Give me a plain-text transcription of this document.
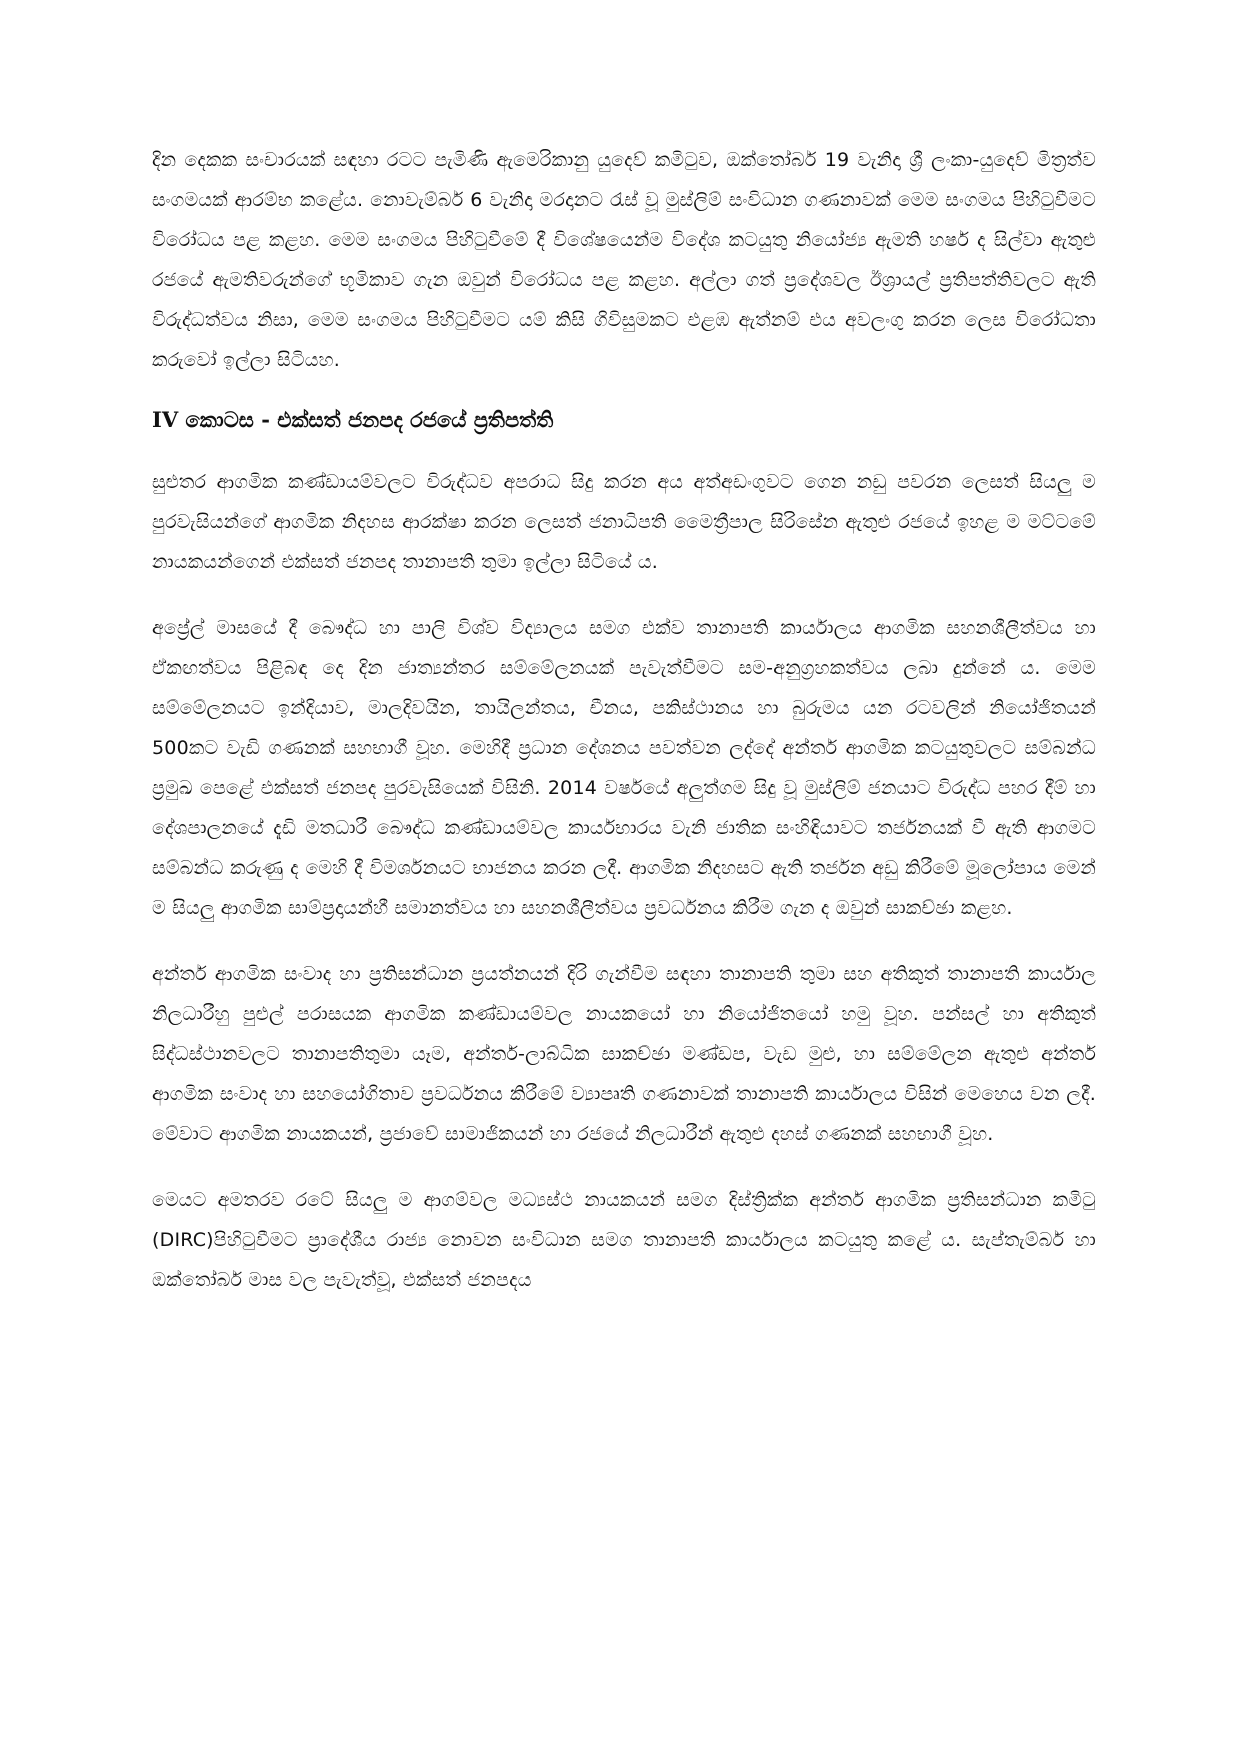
දින දෙකක සංචාරයක් සඳහා රටට පැමිණි ඇමෙරිකානු යුදෙව් කමිටුව, ඔක්තෝබර් 19 වැනිදා ශ්‍රී ලංකා-යුදෙව් මිත්‍රත්ව සංගමයක් ආරම්භ කළේය. නොවැම්බර් 6 වැනිදා මරදානට රැස් වූ මුස්ලිම් සංවිධාන ගණනාවක් මෙම සංගමය පිහිටුවීමට විරෝධය පළ කළහ. මෙම සංගමය පිහිටුවීමේ දී විශේෂයෙන්ම විදේශ කටයුතු නියෝජ්‍ය ඇමති හර්ෂ ද සිල්වා ඇතුළු රජයේ ඇමතිවරුන්ගේ භූමිකාව ගැන ඔවුන් විරෝධය පළ කළහ. අල්ලා ගත් ප්‍රදේශවල ඊශ්‍රායල් ප්‍රතිපත්තිවලට ඇති විරුද්ධත්වය නිසා, මෙම සංගමය පිහිටුවීමට යම් කිසි ගිවිසුමකට එළඹ ඇත්නම් එය අවලංගු කරන ලෙස විරෝධතා කරුවෝ ඉල්ලා සිටියහ.

IV කොටස - එක්සත් ජනපද රජයේ ප්‍රතිපත්ති

සුළුතර ආගමික කණ්ඩායම්වලට විරුද්ධව අපරාධ සිදු කරන අය අත්අඩංගුවට ගෙන නඩු පවරන ලෙසත් සියලු ම පුරවැසියන්ගේ ආගමික නිදහස ආරක්ෂා කරන ලෙසත් ජනාධිපති මෛත්‍රීපාල සිරිසේන ඇතුළු රජයේ ඉහළ ම මට්ටමේ නායකයන්ගෙන් එක්සත් ජනපද තානාපති තුමා ඉල්ලා සිටියේ ය.

අප්‍රේල් මාසයේ දී බෞද්ධ හා පාලි විශ්ව විද්‍යාලය සමග එක්ව තානාපති කාර්යාලය ආගමික සහනශීලීත්වය හා ඒකඟත්වය පිළිබඳ දෙ දින ජාත්‍යන්තර සම්මේලනයක් පැවැත්වීමට සම-අනුග්‍රහකත්වය ලබා දුන්නේ ය. මෙම සම්මේලනයට ඉන්දියාව, මාලදිවයින, තායිලන්තය, චීනය, පකිස්ථානය හා බුරුමය යන රටවලින් නියෝජිතයන් 500කට වැඩි ගණනක් සහභාගී වූහ. මෙහිදී ප්‍රධාන දේශනය පවත්වන ලද්දේ අන්තර් ආගමික කටයුතුවලට සම්බන්ධ ප්‍රමුඛ පෙළේ එක්සත් ජනපද පුරවැසියෙක් විසිනි. 2014 වර්ෂයේ අලුත්ගම සිදු වූ මුස්ලිම් ජනයාට විරුද්ධ පහර දීම් හා දේශපාලනයේ දැඩි මතධාරී බෞද්ධ කණ්ඩායම්වල කාර්යභාරය වැනි ජාතික සංහිඳියාවට තර්ජනයක් වී ඇති ආගමට සම්බන්ධ කරුණු ද මෙහි දී විමර්ශනයට භාජනය කරන ලදී. ආගමික නිදහසට ඇති තර්ජන අඩු කිරීමේ මූලෝපාය මෙන් ම සියලු ආගමික සාම්ප්‍රදායන්හී සමානත්වය හා සහනශීලීත්වය ප්‍රවර්ධනය කිරීම ගැන ද ඔවුන් සාකච්ඡා කළහ.

අන්තර් ආගමික සංවාද හා ප්‍රතිසන්ධාන ප්‍රයත්නයන් දිරි ගැන්වීම සඳහා තානාපති තුමා සහ අතිකුත් තානාපති කාර්යාල නිලධාරීහු පුළුල් පරාසයක ආගමික කණ්ඩායම්වල නායකයෝ හා නියෝජිතයෝ හමු වූහ. පන්සල් හා අතිකුත් සිද්ධස්ථානවලට තානාපතිතුමා යෑම, අන්තර්-ලාබ්ධික සාකච්ඡා මණ්ඩප, වැඩ මුළු, හා සම්මේලන ඇතුළු අන්තර් ආගමික සංවාද හා සහයෝගිතාව ප්‍රවර්ධනය කිරීමේ ව්‍යාපෘති ගණනාවක් තානාපති කාර්යාලය විසින් මෙහෙය වන ලදී. මේවාට ආගමික නායකයන්, ප්‍රජාවේ සාමාජිකයන් හා රජයේ නිලධාරීන් ඇතුළු දහස් ගණනක් සහභාගී වූහ.

මෙයට අමතරව රටේ සියලු ම ආගම්වල මධ්‍යස්ථ නායකයන් සමග දිස්ත්‍රික්ක අන්තර් ආගමික ප්‍රතිසන්ධාන කමිටු (DIRC)පිහිටුවීමට ප්‍රාදේශීය රාජ්‍ය නොවන සංවිධාන සමග තානාපති කාර්යාලය කටයුතු කළේ ය. සැප්තැම්බර් හා ඔක්තෝබර් මාස වල පැවැත්වූ, එක්සත් ජනපදය
